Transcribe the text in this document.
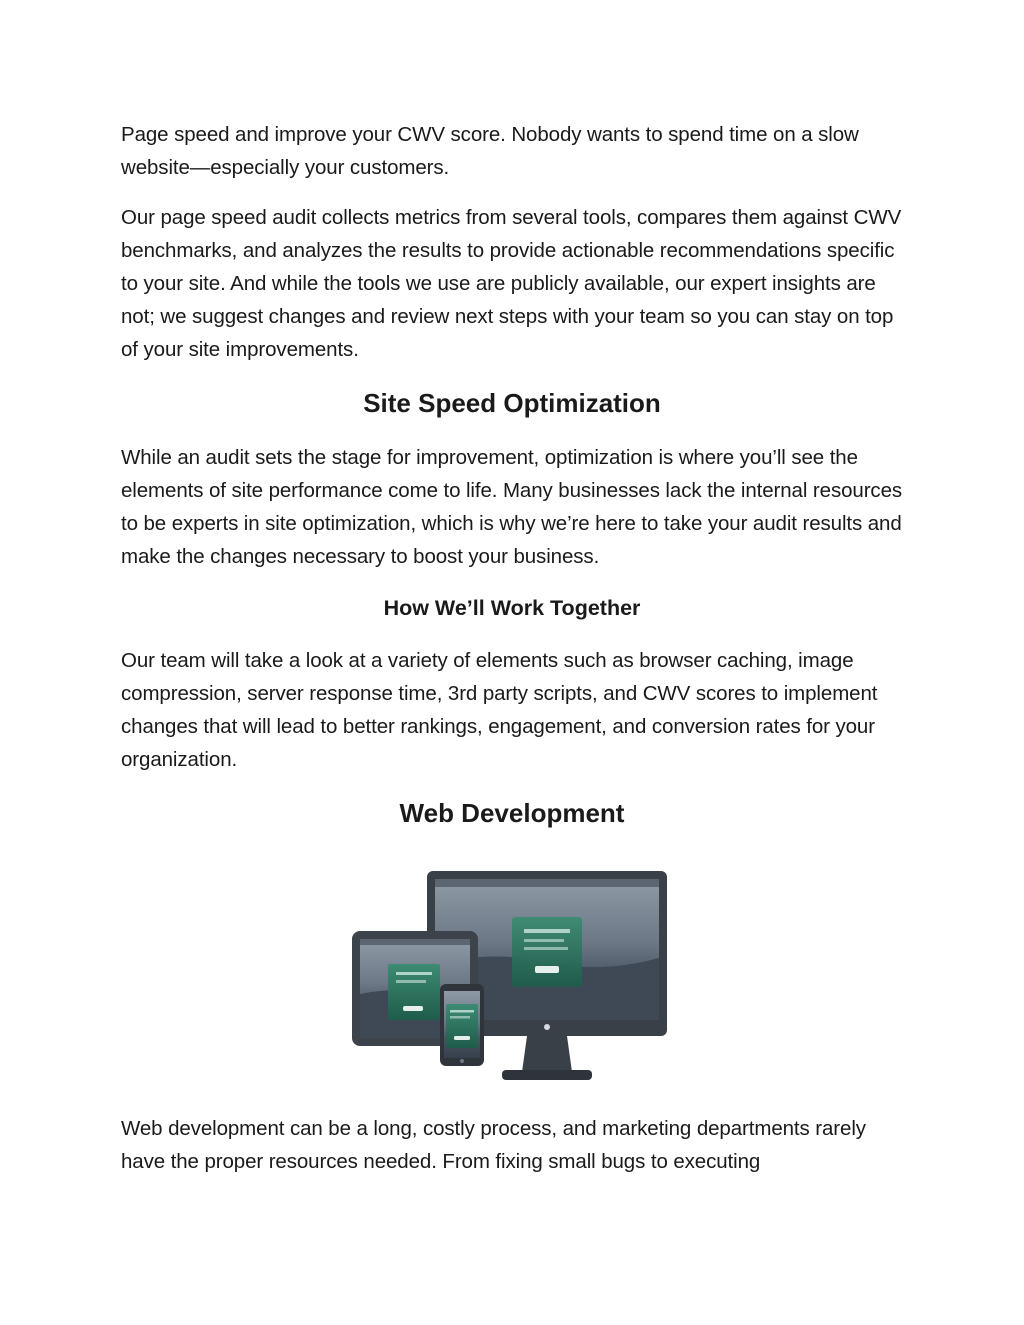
Page speed and improve your CWV score. Nobody wants to spend time on a slow website—especially your customers.

Our page speed audit collects metrics from several tools, compares them against CWV benchmarks, and analyzes the results to provide actionable recommendations specific to your site. And while the tools we use are publicly available, our expert insights are not; we suggest changes and review next steps with your team so you can stay on top of your site improvements.

Site Speed Optimization

While an audit sets the stage for improvement, optimization is where you’ll see the elements of site performance come to life. Many businesses lack the internal resources to be experts in site optimization, which is why we’re here to take your audit results and make the changes necessary to boost your business.

How We’ll Work Together

Our team will take a look at a variety of elements such as browser caching, image compression, server response time, 3rd party scripts, and CWV scores to implement changes that will lead to better rankings, engagement, and conversion rates for your organization.

Web Development

Web development can be a long, costly process, and marketing departments rarely have the proper resources needed. From fixing small bugs to executing
